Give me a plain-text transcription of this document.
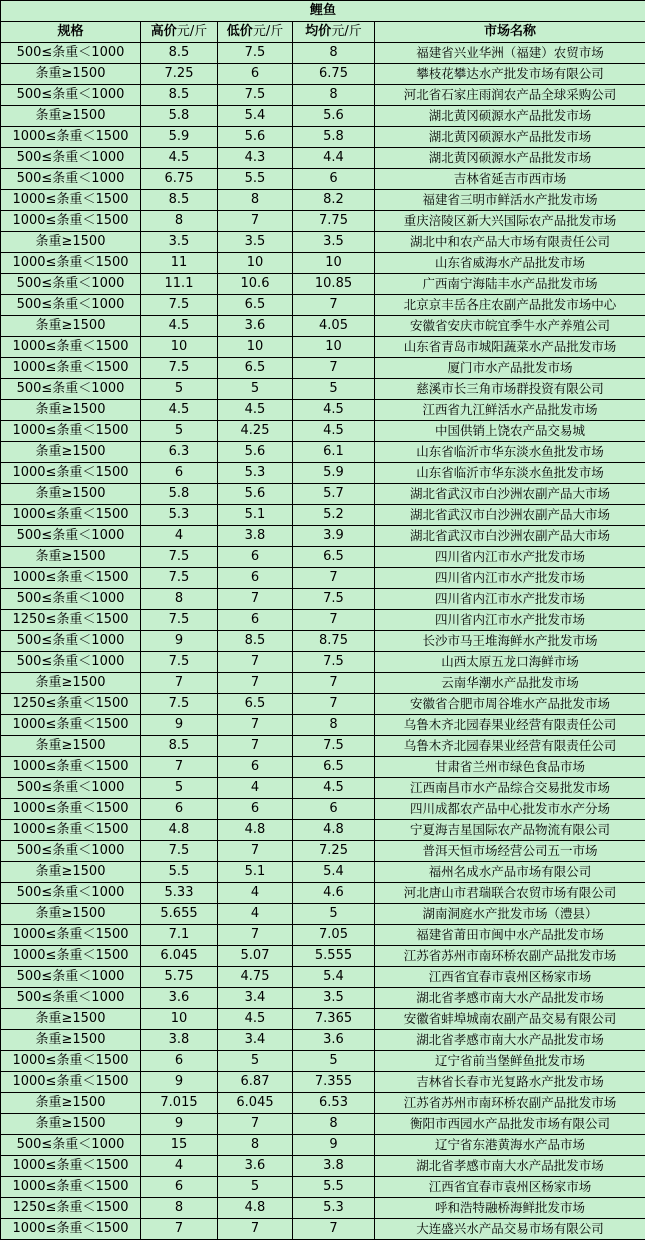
鲤鱼				
规格	高价元/斤	低价元/斤	均价元/斤	市场名称
500≤条重＜1000	8.5	7.5	8	福建省兴业华洲（福建）农贸市场
条重≥1500	7.25	6	6.75	攀枝花攀达水产批发市场有限公司
500≤条重＜1000	8.5	7.5	8	河北省石家庄雨润农产品全球采购公司
条重≥1500	5.8	5.4	5.6	湖北黄冈硕源水产品批发市场
1000≤条重＜1500	5.9	5.6	5.8	湖北黄冈硕源水产品批发市场
500≤条重＜1000	4.5	4.3	4.4	湖北黄冈硕源水产品批发市场
500≤条重＜1000	6.75	5.5	6	吉林省延吉市西市场
1000≤条重＜1500	8.5	8	8.2	福建省三明市鲜活水产批发市场
1000≤条重＜1500	8	7	7.75	重庆涪陵区新大兴国际农产品批发市场
条重≥1500	3.5	3.5	3.5	湖北中和农产品大市场有限责任公司
1000≤条重＜1500	11	10	10	山东省威海水产品批发市场
500≤条重＜1000	11.1	10.6	10.85	广西南宁海陆丰水产品批发市场
500≤条重＜1000	7.5	6.5	7	北京京丰岳各庄农副产品批发市场中心
条重≥1500	4.5	3.6	4.05	安徽省安庆市皖宜季牛水产养殖公司
1000≤条重＜1500	10	10	10	山东省青岛市城阳蔬菜水产品批发市场
1000≤条重＜1500	7.5	6.5	7	厦门市水产品批发市场
500≤条重＜1000	5	5	5	慈溪市长三角市场群投资有限公司
条重≥1500	4.5	4.5	4.5	江西省九江鲜活水产品批发市场
1000≤条重＜1500	5	4.25	4.5	中国供销上饶农产品交易城
条重≥1500	6.3	5.6	6.1	山东省临沂市华东淡水鱼批发市场
1000≤条重＜1500	6	5.3	5.9	山东省临沂市华东淡水鱼批发市场
条重≥1500	5.8	5.6	5.7	湖北省武汉市白沙洲农副产品大市场
1000≤条重＜1500	5.3	5.1	5.2	湖北省武汉市白沙洲农副产品大市场
500≤条重＜1000	4	3.8	3.9	湖北省武汉市白沙洲农副产品大市场
条重≥1500	7.5	6	6.5	四川省内江市水产批发市场
1000≤条重＜1500	7.5	6	7	四川省内江市水产批发市场
500≤条重＜1000	8	7	7.5	四川省内江市水产批发市场
1250≤条重＜1500	7.5	6	7	四川省内江市水产批发市场
500≤条重＜1000	9	8.5	8.75	长沙市马王堆海鲜水产批发市场
500≤条重＜1000	7.5	7	7.5	山西太原五龙口海鲜市场
条重≥1500	7	7	7	云南华潮水产品批发市场
1250≤条重＜1500	7.5	6.5	7	安徽省合肥市周谷堆水产品批发市场
1000≤条重＜1500	9	7	8	乌鲁木齐北园春果业经营有限责任公司
条重≥1500	8.5	7	7.5	乌鲁木齐北园春果业经营有限责任公司
1000≤条重＜1500	7	6	6.5	甘肃省兰州市绿色食品市场
500≤条重＜1000	5	4	4.5	江西南昌市水产品综合交易批发市场
1000≤条重＜1500	6	6	6	四川成都农产品中心批发市水产分场
1000≤条重＜1500	4.8	4.8	4.8	宁夏海吉星国际农产品物流有限公司
500≤条重＜1000	7.5	7	7.25	普洱天恒市场经营公司五一市场
条重≥1500	5.5	5.1	5.4	福州名成水产品市场有限公司
500≤条重＜1000	5.33	4	4.6	河北唐山市君瑞联合农贸市场有限公司
条重≥1500	5.655	4	5	湖南洞庭水产批发市场（澧县）
1000≤条重＜1500	7.1	7	7.05	福建省莆田市闽中水产品批发市场
1000≤条重＜1500	6.045	5.07	5.555	江苏省苏州市南环桥农副产品批发市场
500≤条重＜1000	5.75	4.75	5.4	江西省宜春市袁州区杨家市场
500≤条重＜1000	3.6	3.4	3.5	湖北省孝感市南大水产品批发市场
条重≥1500	10	4.5	7.365	安徽省蚌埠城南农副产品交易有限公司
条重≥1500	3.8	3.4	3.6	湖北省孝感市南大水产品批发市场
1000≤条重＜1500	6	5	5	辽宁省前当堡鲜鱼批发市场
1000≤条重＜1500	9	6.87	7.355	吉林省长春市光复路水产批发市场
条重≥1500	7.015	6.045	6.53	江苏省苏州市南环桥农副产品批发市场
条重≥1500	9	7	8	衡阳市西园水产品批发市场有限公司
500≤条重＜1000	15	8	9	辽宁省东港黄海水产品市场
1000≤条重＜1500	4	3.6	3.8	湖北省孝感市南大水产品批发市场
1000≤条重＜1500	6	5	5.5	江西省宜春市袁州区杨家市场
1250≤条重＜1500	8	4.8	5.3	呼和浩特融桥海鲜批发市场
1000≤条重＜1500	7	7	7	大连盛兴水产品交易市场有限公司
